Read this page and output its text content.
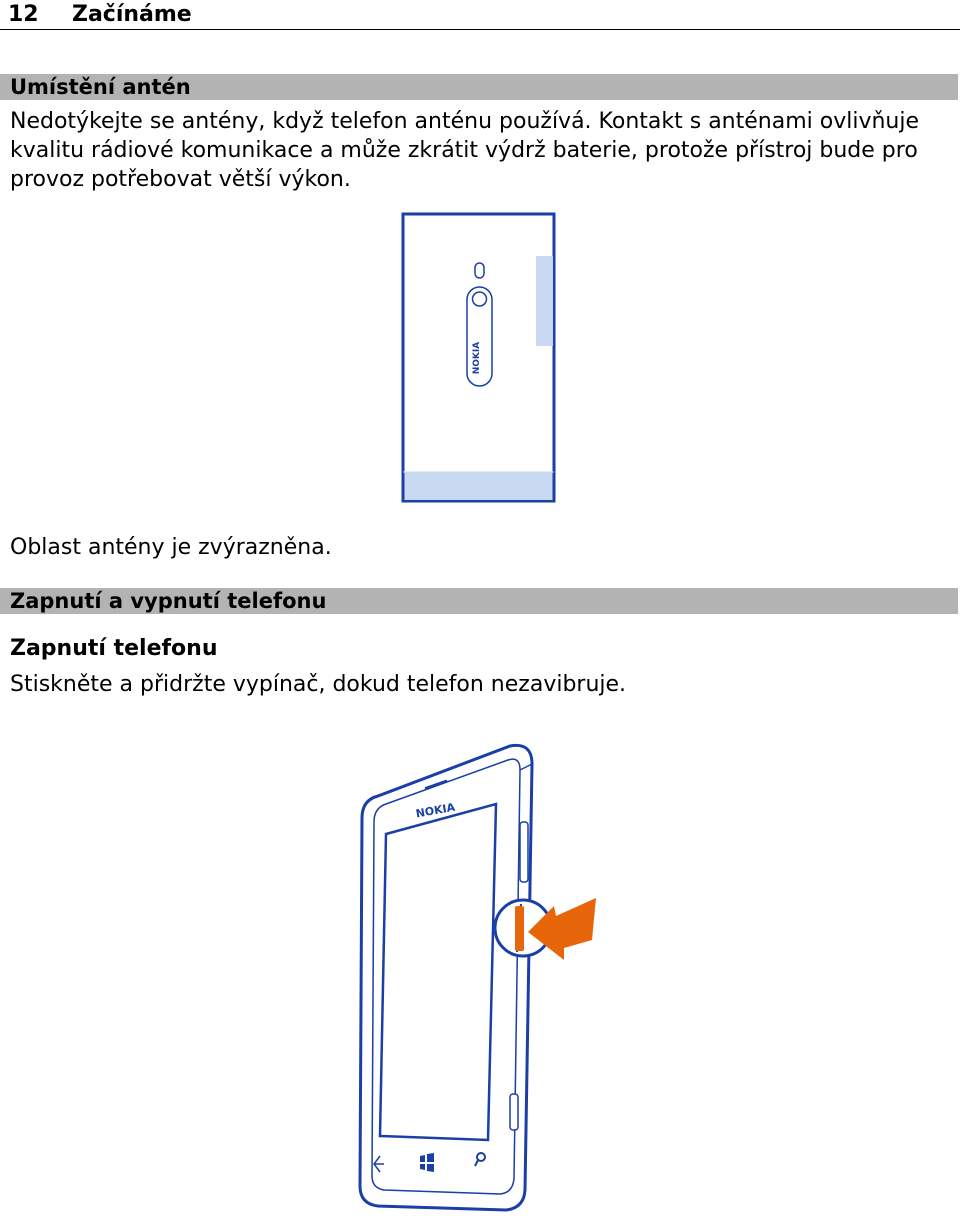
12 Začínáme
Umístění antén
Nedotýkejte se antény, když telefon anténu používá. Kontakt s anténami ovlivňuje kvalitu rádiové komunikace a může zkrátit výdrž baterie, protože přístroj bude pro provoz potřebovat větší výkon.
NOKIA
Oblast antény je zvýrazněna.
Zapnutí a vypnutí telefonu
Zapnutí telefonu
Stiskněte a přidržte vypínač, dokud telefon nezavibruje.
NOKIA
